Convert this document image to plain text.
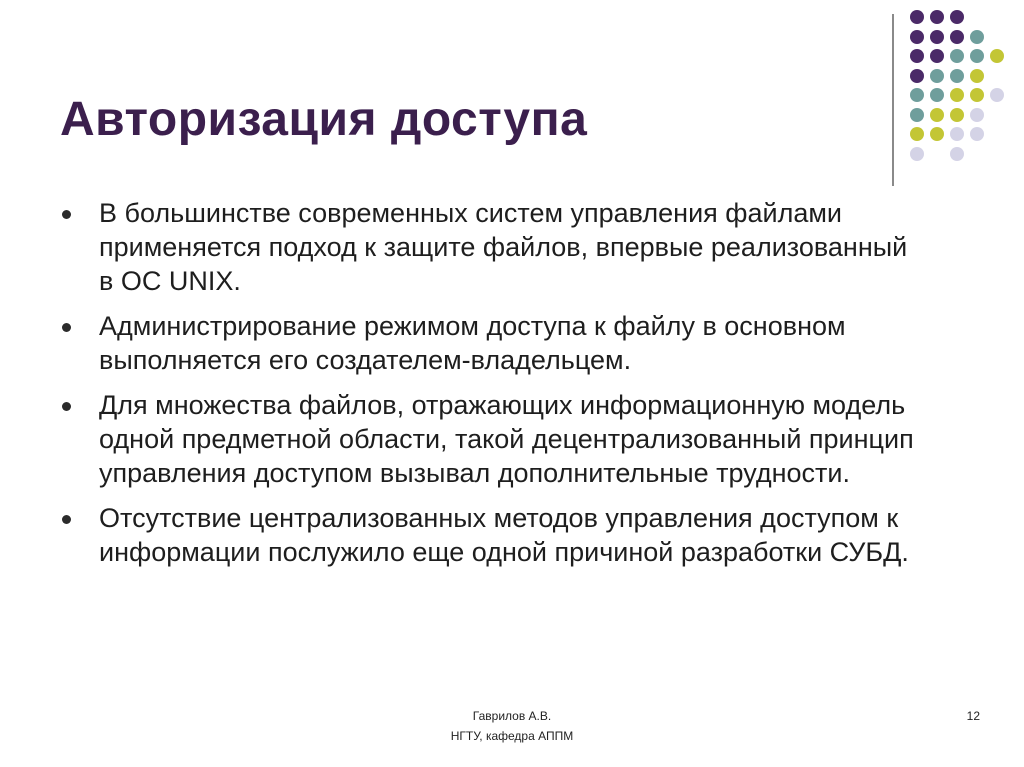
Авторизация доступа
В большинстве современных систем управления файлами применяется подход к защите файлов, впервые реализованный в ОС UNIX.
Администрирование режимом доступа к файлу в основном выполняется его создателем-владельцем.
Для множества файлов, отражающих информационную модель одной предметной области, такой децентрализованный принцип управления доступом вызывал дополнительные трудности.
Отсутствие централизованных методов управления доступом к информации послужило еще одной причиной разработки СУБД.
Гаврилов А.В.
НГТУ, кафедра АППМ
12
